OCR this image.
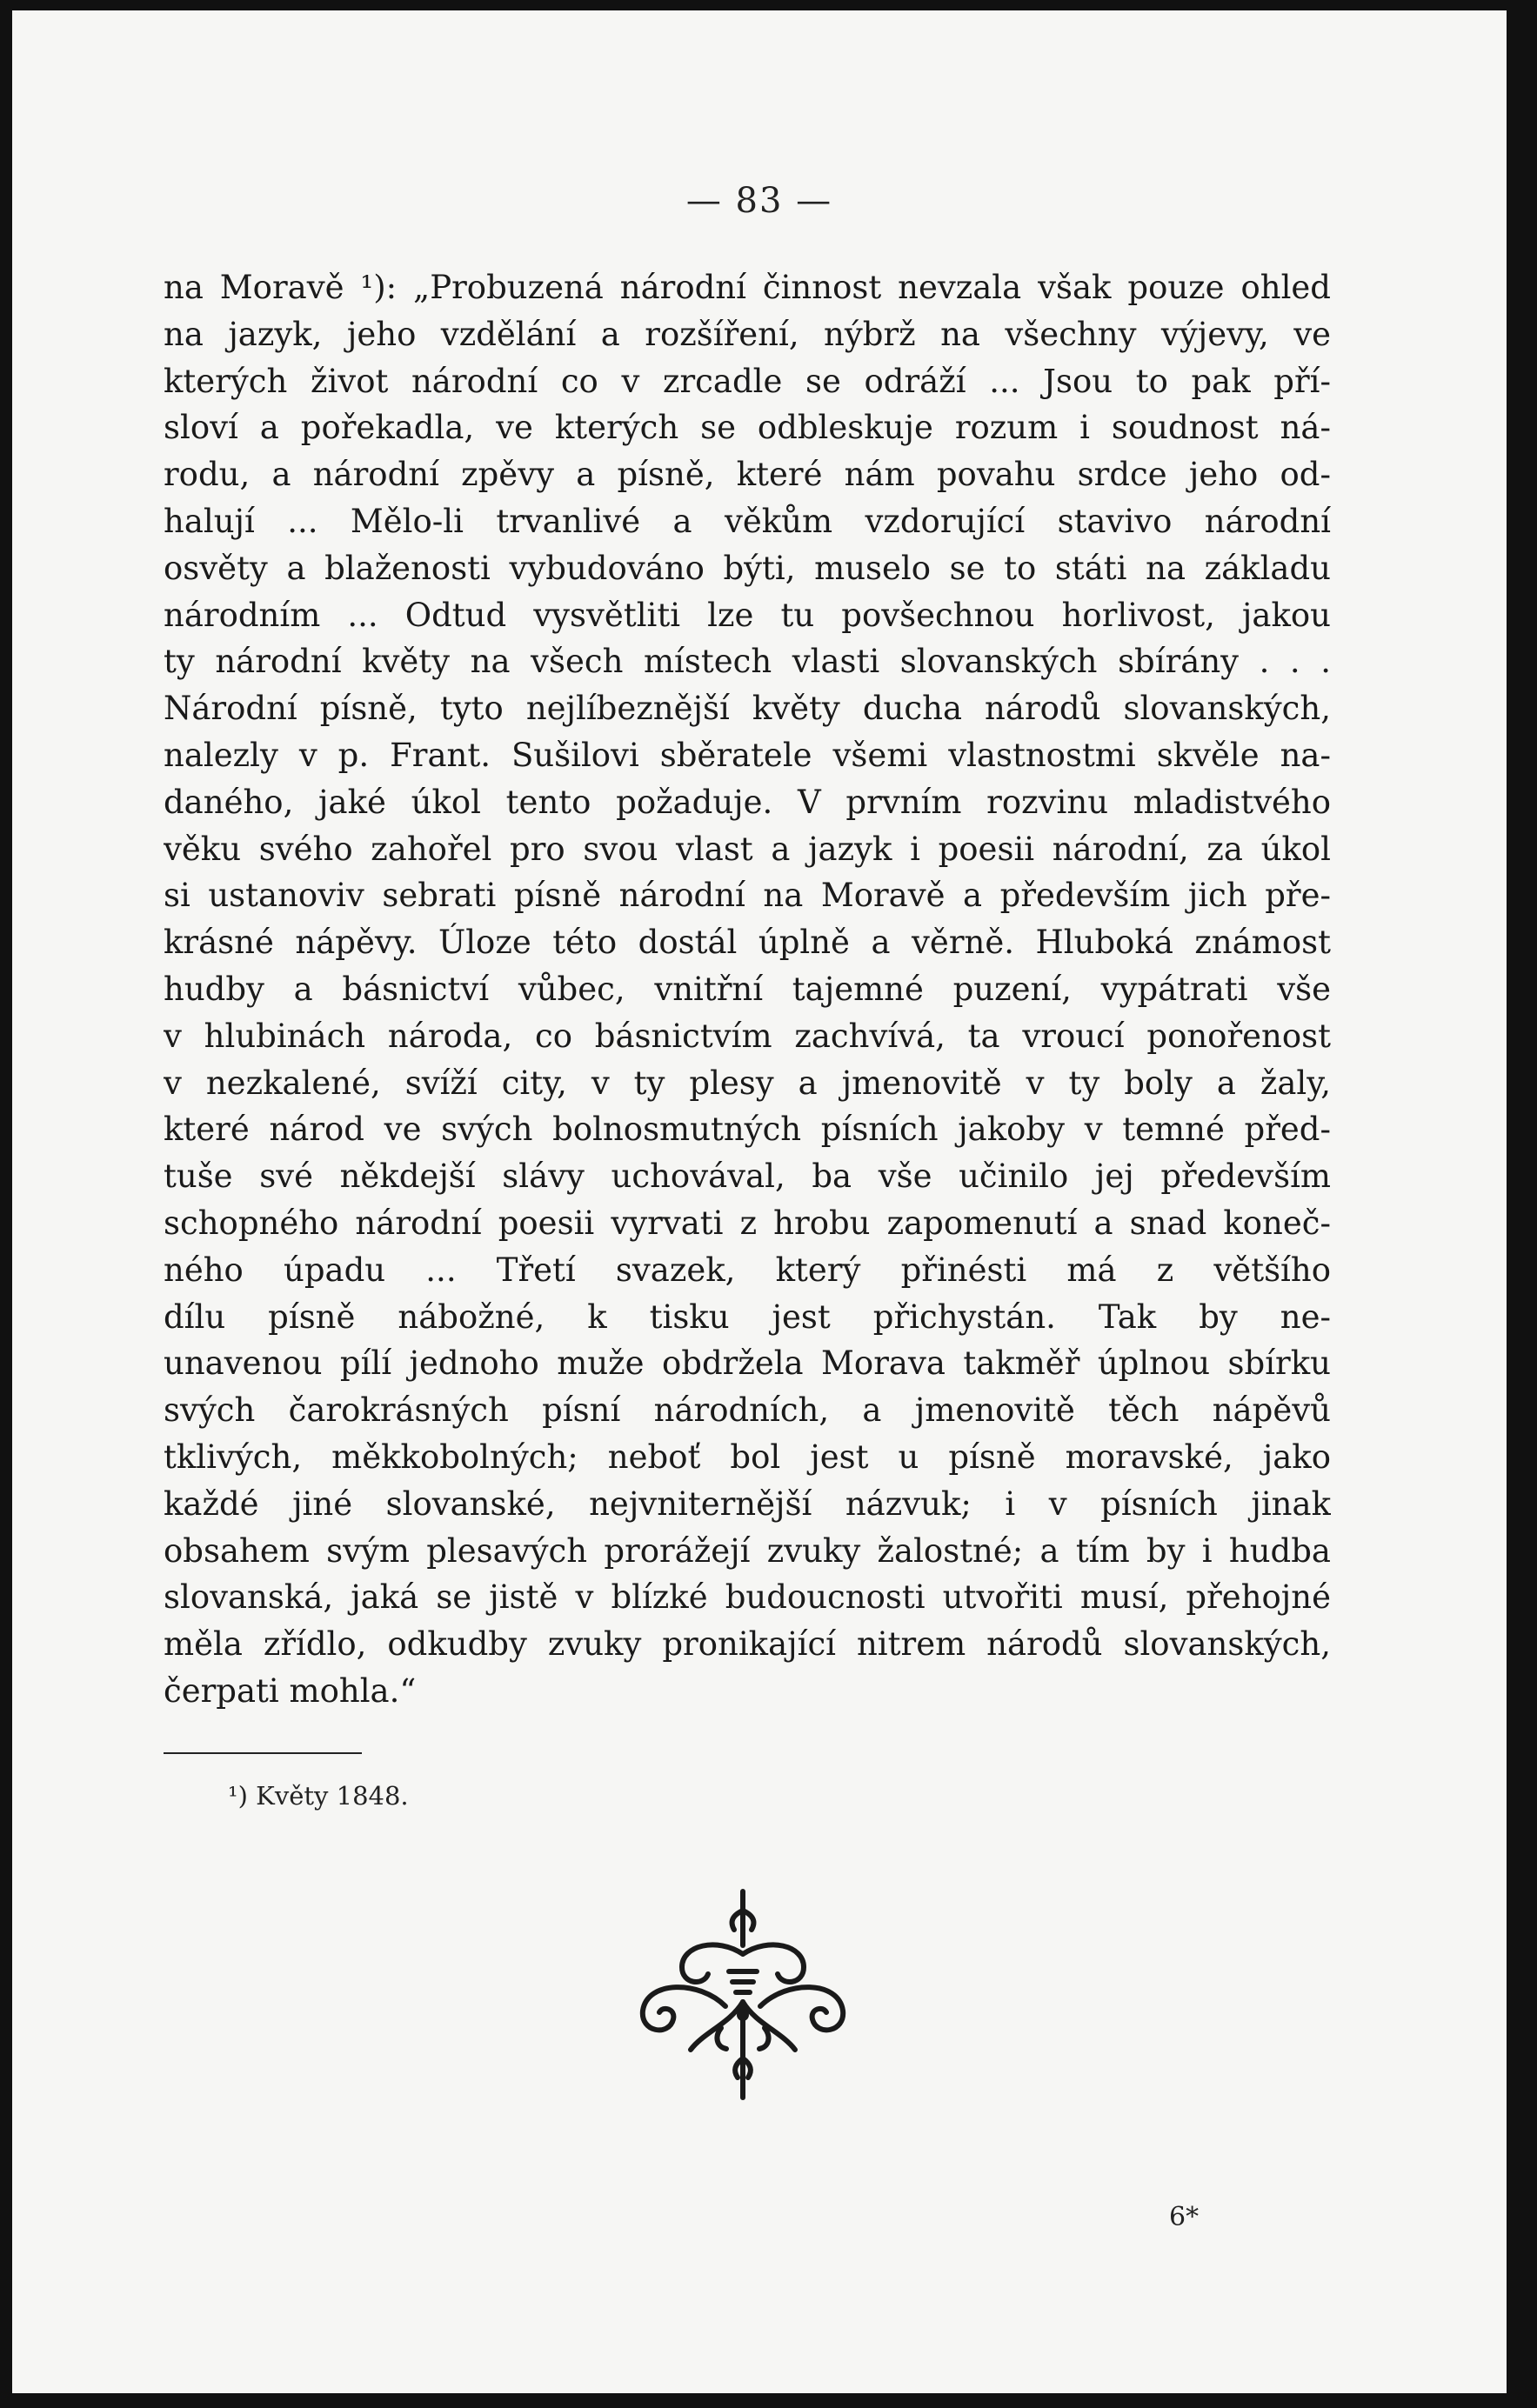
— 83 —
na Moravě ¹): „Probuzená národní činnost nevzala však pouze ohled
na jazyk, jeho vzdělání a rozšíření, nýbrž na všechny výjevy, ve
kterých život národní co v zrcadle se odráží ... Jsou to pak pří-
sloví a pořekadla, ve kterých se odbleskuje rozum i soudnost ná-
rodu, a národní zpěvy a písně, které nám povahu srdce jeho od-
halují ... Mělo-li trvanlivé a věkům vzdorující stavivo národní
osvěty a blaženosti vybudováno býti, muselo se to státi na základu
národním ... Odtud vysvětliti lze tu povšechnou horlivost, jakou
ty národní květy na všech místech vlasti slovanských sbírány . . .
Národní písně, tyto nejlíbeznější květy ducha národů slovanských,
nalezly v p. Frant. Sušilovi sběratele všemi vlastnostmi skvěle na-
daného, jaké úkol tento požaduje. V prvním rozvinu mladistvého
věku svého zahořel pro svou vlast a jazyk i poesii národní, za úkol
si ustanoviv sebrati písně národní na Moravě a především jich pře-
krásné nápěvy. Úloze této dostál úplně a věrně. Hluboká známost
hudby a básnictví vůbec, vnitřní tajemné puzení, vypátrati vše
v hlubinách národa, co básnictvím zachvívá, ta vroucí ponořenost
v nezkalené, svíží city, v ty plesy a jmenovitě v ty boly a žaly,
které národ ve svých bolnosmutných písních jakoby v temné před-
tuše své někdejší slávy uchovával, ba vše učinilo jej především
schopného národní poesii vyrvati z hrobu zapomenutí a snad koneč-
ného úpadu ... Třetí svazek, který přinésti má z většího
dílu písně nábožné, k tisku jest přichystán. Tak by ne-
unavenou pílí jednoho muže obdržela Morava takměř úplnou sbírku
svých čarokrásných písní národních, a jmenovitě těch nápěvů
tklivých, měkkobolných; neboť bol jest u písně moravské, jako
každé jiné slovanské, nejvniternější názvuk; i v písních jinak
obsahem svým plesavých prorážejí zvuky žalostné; a tím by i hudba
slovanská, jaká se jistě v blízké budoucnosti utvořiti musí, přehojné
měla zřídlo, odkudby zvuky pronikající nitrem národů slovanských,
čerpati mohla.“
¹) Květy 1848.
6*
